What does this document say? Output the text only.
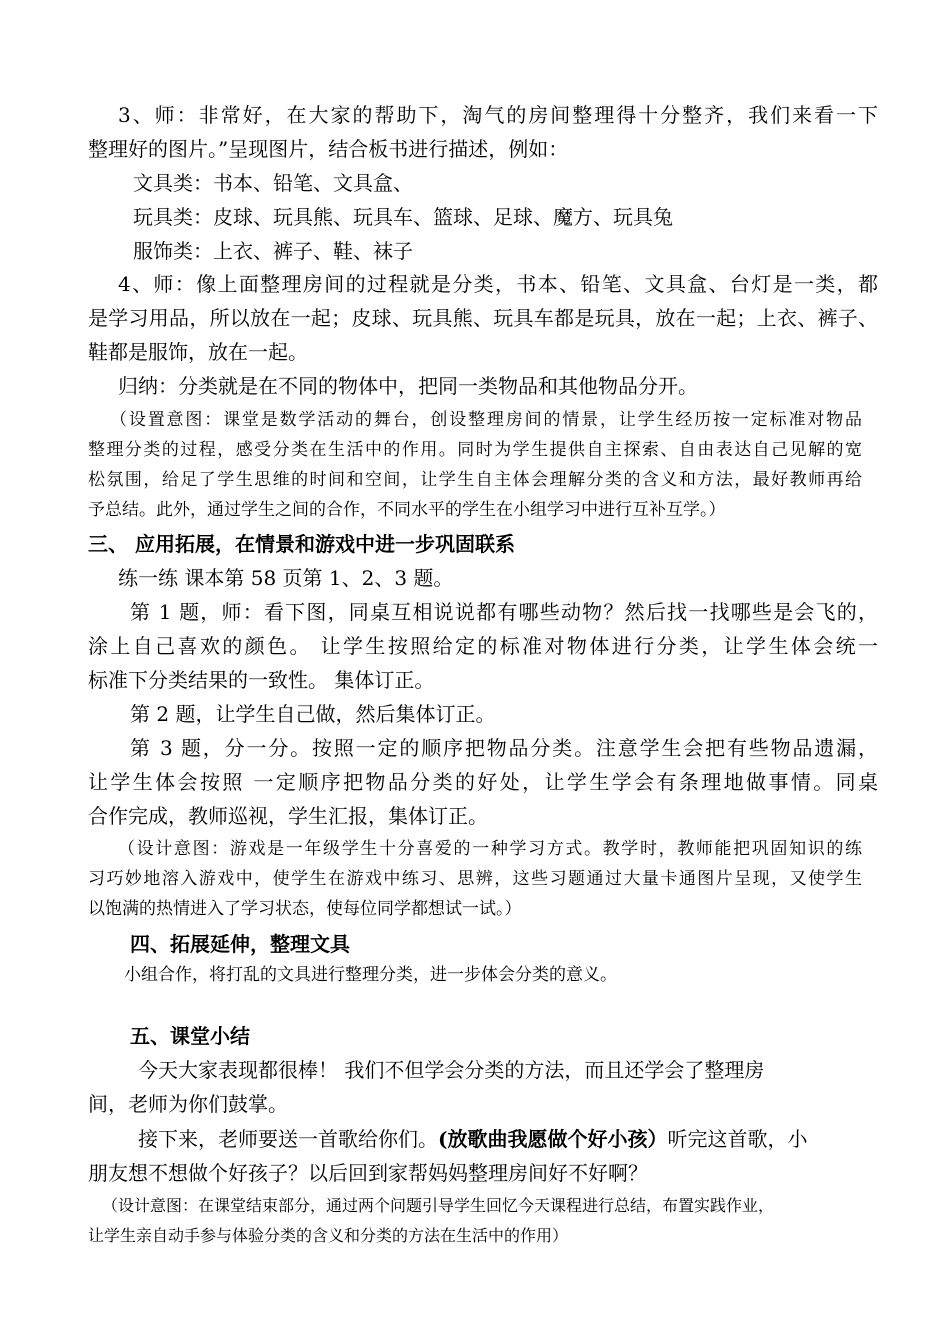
3、师：非常好，在大家的帮助下，淘气的房间整理得十分整齐，我们来看一下
整理好的图片。”呈现图片，结合板书进行描述，例如：
文具类：书本、铅笔、文具盒、
玩具类：皮球、玩具熊、玩具车、篮球、足球、魔方、玩具兔
服饰类：上衣、裤子、鞋、袜子
4、师：像上面整理房间的过程就是分类，书本、铅笔、文具盒、台灯是一类，都
是学习用品，所以放在一起；皮球、玩具熊、玩具车都是玩具，放在一起；上衣、裤子、
鞋都是服饰，放在一起。
归纳：分类就是在不同的物体中，把同一类物品和其他物品分开。
（设置意图：课堂是数学活动的舞台，创设整理房间的情景，让学生经历按一定标准对物品
整理分类的过程，感受分类在生活中的作用。同时为学生提供自主探索、自由表达自己见解的宽
松氛围，给足了学生思维的时间和空间，让学生自主体会理解分类的含义和方法，最好教师再给
予总结。此外，通过学生之间的合作，不同水平的学生在小组学习中进行互补互学。）
三、 应用拓展，在情景和游戏中进一步巩固联系
练一练 课本第 58 页第 1、2、3 题。
第 1 题，师：看下图，同桌互相说说都有哪些动物？然后找一找哪些是会飞的，
涂上自己喜欢的颜色。 让学生按照给定的标准对物体进行分类，让学生体会统一
标准下分类结果的一致性。 集体订正。
第 2 题，让学生自己做，然后集体订正。
第 3 题，分一分。按照一定的顺序把物品分类。注意学生会把有些物品遗漏，
让学生体会按照 一定顺序把物品分类的好处，让学生学会有条理地做事情。同桌
合作完成，教师巡视，学生汇报，集体订正。
（设计意图：游戏是一年级学生十分喜爱的一种学习方式。教学时，教师能把巩固知识的练
习巧妙地溶入游戏中，使学生在游戏中练习、思辨，这些习题通过大量卡通图片呈现，又使学生
以饱满的热情进入了学习状态，使每位同学都想试一试。）
四、拓展延伸，整理文具
小组合作，将打乱的文具进行整理分类，进一步体会分类的意义。
五、课堂小结
今天大家表现都很棒！ 我们不但学会分类的方法，而且还学会了整理房
间，老师为你们鼓掌。
接下来，老师要送一首歌给你们。(放歌曲我愿做个好小孩）听完这首歌，小
朋友想不想做个好孩子？以后回到家帮妈妈整理房间好不好啊？
（设计意图：在课堂结束部分，通过两个问题引导学生回忆今天课程进行总结，布置实践作业，
让学生亲自动手参与体验分类的含义和分类的方法在生活中的作用）
